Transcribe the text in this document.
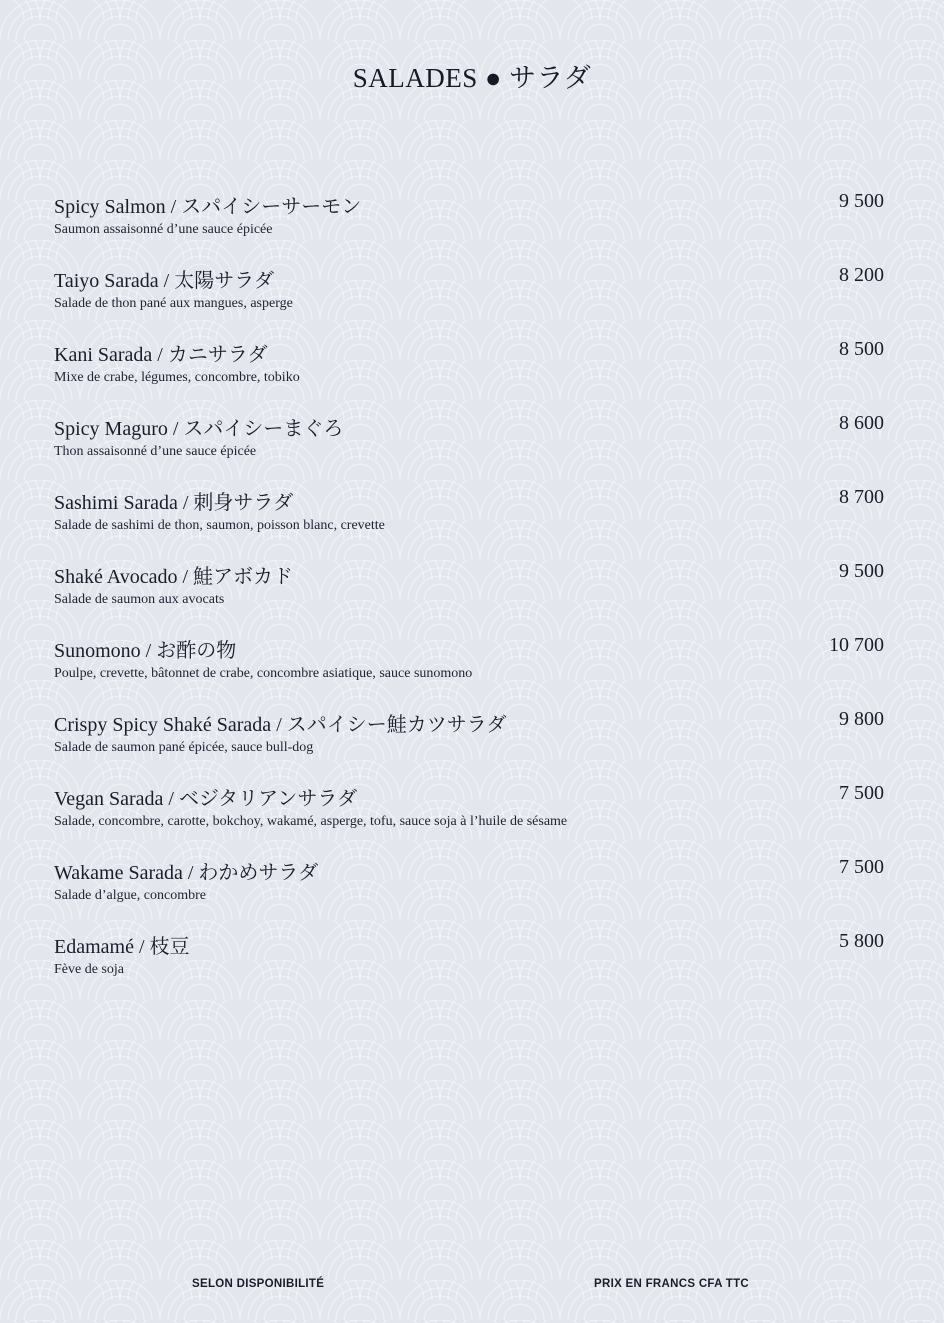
SALADES ● サラダ
Spicy Salmon / スパイシーサーモン	9 500
Saumon assaisonné d’une sauce épicée
Taiyo Sarada / 太陽サラダ	8 200
Salade de thon pané aux mangues, asperge
Kani Sarada / カニサラダ	8 500
Mixe de crabe, légumes, concombre, tobiko
Spicy Maguro / スパイシーまぐろ	8 600
Thon assaisonné d’une sauce épicée
Sashimi Sarada / 刺身サラダ	8 700
Salade de sashimi de thon, saumon, poisson blanc, crevette
Shaké Avocado / 鮭アボカド	9 500
Salade de saumon aux avocats
Sunomono / お酢の物	10 700
Poulpe, crevette, bâtonnet de crabe, concombre asiatique, sauce sunomono
Crispy Spicy Shaké Sarada / スパイシー鮭カツサラダ	9 800
Salade de saumon pané épicée, sauce bull-dog
Vegan Sarada / ベジタリアンサラダ	7 500
Salade, concombre, carotte, bokchoy, wakamé, asperge, tofu, sauce soja à l’huile de sésame
Wakame Sarada / わかめサラダ	7 500
Salade d’algue, concombre
Edamamé / 枝豆	5 800
Fève de soja
SELON DISPONIBILITÉ	PRIX EN FRANCS CFA TTC
